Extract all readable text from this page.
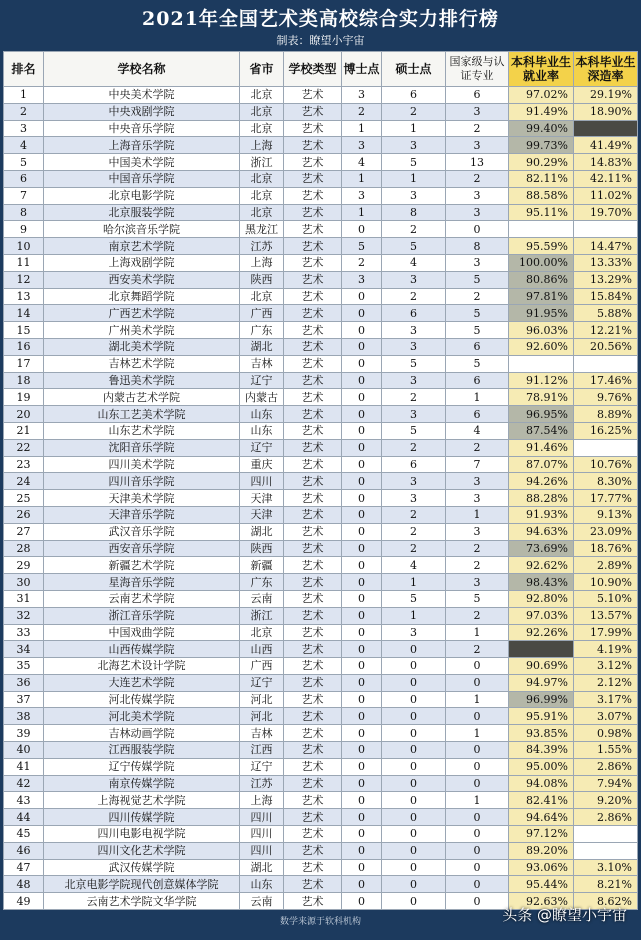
2021年全国艺术类高校综合实力排行榜
制表：瞭望小宇宙
排名	学校名称	省市	学校类型	博士点	硕士点	国家级与认证专业	本科毕业生就业率	本科毕业生深造率
1	中央美术学院	北京	艺术	3	6	6	97.02%	29.19%
2	中央戏剧学院	北京	艺术	2	2	3	91.49%	18.90%
3	中央音乐学院	北京	艺术	1	1	2	99.40%	
4	上海音乐学院	上海	艺术	3	3	3	99.73%	41.49%
5	中国美术学院	浙江	艺术	4	5	13	90.29%	14.83%
6	中国音乐学院	北京	艺术	1	1	2	82.11%	42.11%
7	北京电影学院	北京	艺术	3	3	3	88.58%	11.02%
8	北京服装学院	北京	艺术	1	8	3	95.11%	19.70%
9	哈尔滨音乐学院	黑龙江	艺术	0	2	0		
10	南京艺术学院	江苏	艺术	5	5	8	95.59%	14.47%
11	上海戏剧学院	上海	艺术	2	4	3	100.00%	13.33%
12	西安美术学院	陕西	艺术	3	3	5	80.86%	13.29%
13	北京舞蹈学院	北京	艺术	0	2	2	97.81%	15.84%
14	广西艺术学院	广西	艺术	0	6	5	91.95%	5.88%
15	广州美术学院	广东	艺术	0	3	5	96.03%	12.21%
16	湖北美术学院	湖北	艺术	0	3	6	92.60%	20.56%
17	吉林艺术学院	吉林	艺术	0	5	5		
18	鲁迅美术学院	辽宁	艺术	0	3	6	91.12%	17.46%
19	内蒙古艺术学院	内蒙古	艺术	0	2	1	78.91%	9.76%
20	山东工艺美术学院	山东	艺术	0	3	6	96.95%	8.89%
21	山东艺术学院	山东	艺术	0	5	4	87.54%	16.25%
22	沈阳音乐学院	辽宁	艺术	0	2	2	91.46%	
23	四川美术学院	重庆	艺术	0	6	7	87.07%	10.76%
24	四川音乐学院	四川	艺术	0	3	3	94.26%	8.30%
25	天津美术学院	天津	艺术	0	3	3	88.28%	17.77%
26	天津音乐学院	天津	艺术	0	2	1	91.93%	9.13%
27	武汉音乐学院	湖北	艺术	0	2	3	94.63%	23.09%
28	西安音乐学院	陕西	艺术	0	2	2	73.69%	18.76%
29	新疆艺术学院	新疆	艺术	0	4	2	92.62%	2.89%
30	星海音乐学院	广东	艺术	0	1	3	98.43%	10.90%
31	云南艺术学院	云南	艺术	0	5	5	92.80%	5.10%
32	浙江音乐学院	浙江	艺术	0	1	2	97.03%	13.57%
33	中国戏曲学院	北京	艺术	0	3	1	92.26%	17.99%
34	山西传媒学院	山西	艺术	0	0	2		4.19%
35	北海艺术设计学院	广西	艺术	0	0	0	90.69%	3.12%
36	大连艺术学院	辽宁	艺术	0	0	0	94.97%	2.12%
37	河北传媒学院	河北	艺术	0	0	1	96.99%	3.17%
38	河北美术学院	河北	艺术	0	0	0	95.91%	3.07%
39	吉林动画学院	吉林	艺术	0	0	1	93.85%	0.98%
40	江西服装学院	江西	艺术	0	0	0	84.39%	1.55%
41	辽宁传媒学院	辽宁	艺术	0	0	0	95.00%	2.86%
42	南京传媒学院	江苏	艺术	0	0	0	94.08%	7.94%
43	上海视觉艺术学院	上海	艺术	0	0	1	82.41%	9.20%
44	四川传媒学院	四川	艺术	0	0	0	94.64%	2.86%
45	四川电影电视学院	四川	艺术	0	0	0	97.12%	
46	四川文化艺术学院	四川	艺术	0	0	0	89.20%	
47	武汉传媒学院	湖北	艺术	0	0	0	93.06%	3.10%
48	北京电影学院现代创意媒体学院	山东	艺术	0	0	0	95.44%	8.21%
49	云南艺术学院文华学院	云南	艺术	0	0	0	92.63%	8.62%
数学来源于软科机构	头条 @瞭望小宇宙
